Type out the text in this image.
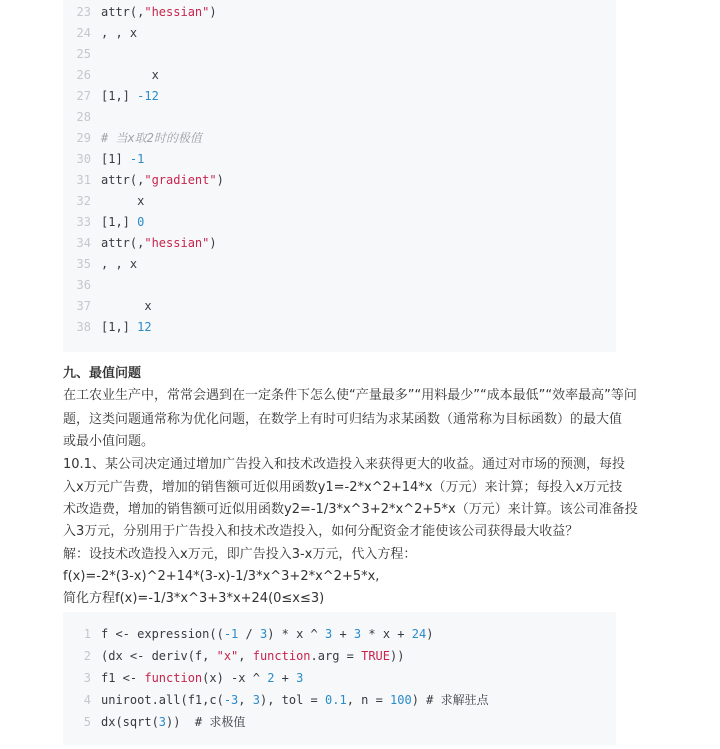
23 attr(,"hessian")
24 , , x
25
26 x
27 [1,] -12
28
29 # 当x取2时的极值
30 [1] -1
31 attr(,"gradient")
32 x
33 [1,] 0
34 attr(,"hessian")
35 , , x
36
37 x
38 [1,] 12
九、最值问题
在工农业生产中，常常会遇到在一定条件下怎么使“产量最多”“用料最少”“成本最低”“效率最高”等问
题，这类问题通常称为优化问题，在数学上有时可归结为求某函数（通常称为目标函数）的最大值
或最小值问题。
10.1、某公司决定通过增加广告投入和技术改造投入来获得更大的收益。通过对市场的预测，每投
入x万元广告费，增加的销售额可近似用函数y1=-2*x^2+14*x（万元）来计算；每投入x万元技
术改造费，增加的销售额可近似用函数y2=-1/3*x^3+2*x^2+5*x（万元）来计算。该公司准备投
入3万元，分别用于广告投入和技术改造投入，如何分配资金才能使该公司获得最大收益？
解：设技术改造投入x万元，即广告投入3-x万元，代入方程：
f(x)=-2*(3-x)^2+14*(3-x)-1/3*x^3+2*x^2+5*x,
简化方程f(x)=-1/3*x^3+3*x+24(0≤x≤3)
1 f <- expression((-1 / 3) * x ^ 3 + 3 * x + 24)
2 (dx <- deriv(f, "x", function.arg = TRUE))
3 f1 <- function(x) -x ^ 2 + 3
4 uniroot.all(f1,c(-3, 3), tol = 0.1, n = 100) # 求解驻点
5 dx(sqrt(3))  # 求极值
